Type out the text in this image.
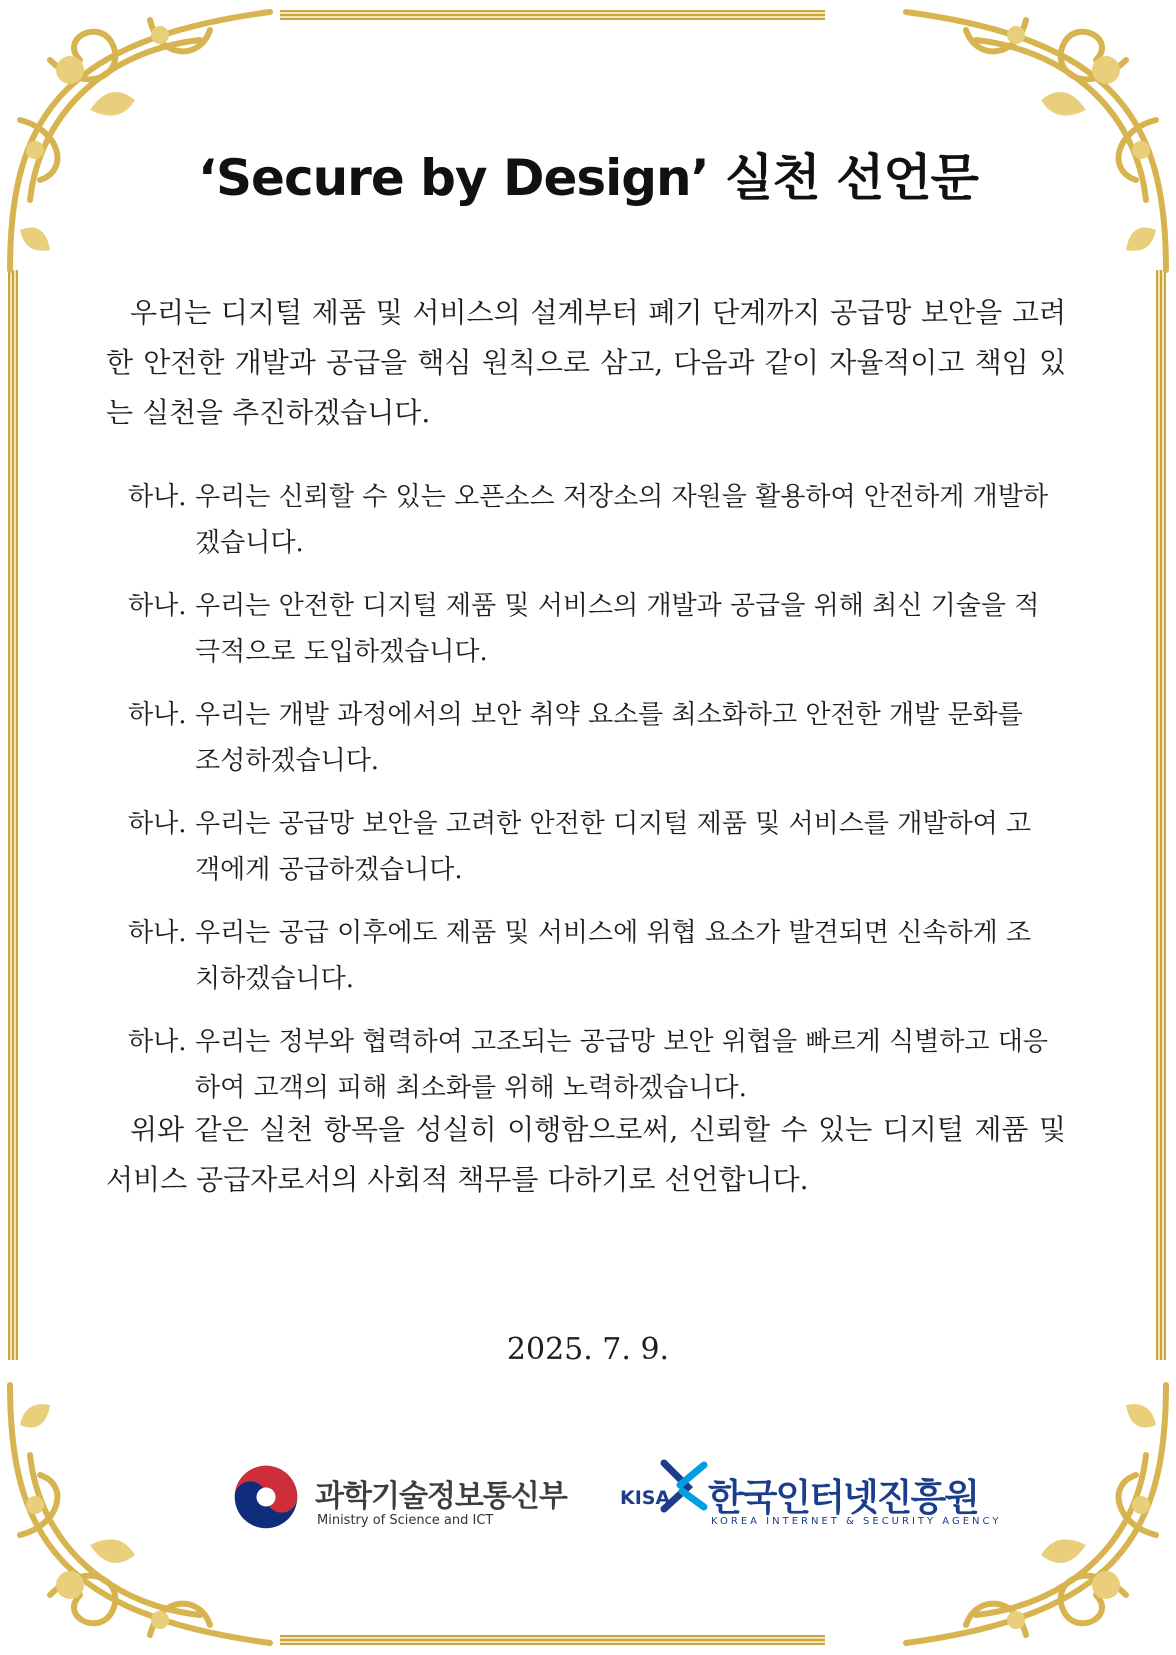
‘Secure by Design’ 실천 선언문

우리는 디지털 제품 및 서비스의 설계부터 폐기 단계까지 공급망 보안을 고려한 안전한 개발과 공급을 핵심 원칙으로 삼고, 다음과 같이 자율적이고 책임 있는 실천을 추진하겠습니다.

하나. 우리는 신뢰할 수 있는 오픈소스 저장소의 자원을 활용하여 안전하게 개발하겠습니다.
하나. 우리는 안전한 디지털 제품 및 서비스의 개발과 공급을 위해 최신 기술을 적극적으로 도입하겠습니다.
하나. 우리는 개발 과정에서의 보안 취약 요소를 최소화하고 안전한 개발 문화를 조성하겠습니다.
하나. 우리는 공급망 보안을 고려한 안전한 디지털 제품 및 서비스를 개발하여 고객에게 공급하겠습니다.
하나. 우리는 공급 이후에도 제품 및 서비스에 위협 요소가 발견되면 신속하게 조치하겠습니다.
하나. 우리는 정부와 협력하여 고조되는 공급망 보안 위협을 빠르게 식별하고 대응하여 고객의 피해 최소화를 위해 노력하겠습니다.

위와 같은 실천 항목을 성실히 이행함으로써, 신뢰할 수 있는 디지털 제품 및 서비스 공급자로서의 사회적 책무를 다하기로 선언합니다.

2025. 7. 9.

과학기술정보통신부
Ministry of Science and ICT
KISA 한국인터넷진흥원
KOREA INTERNET & SECURITY AGENCY
